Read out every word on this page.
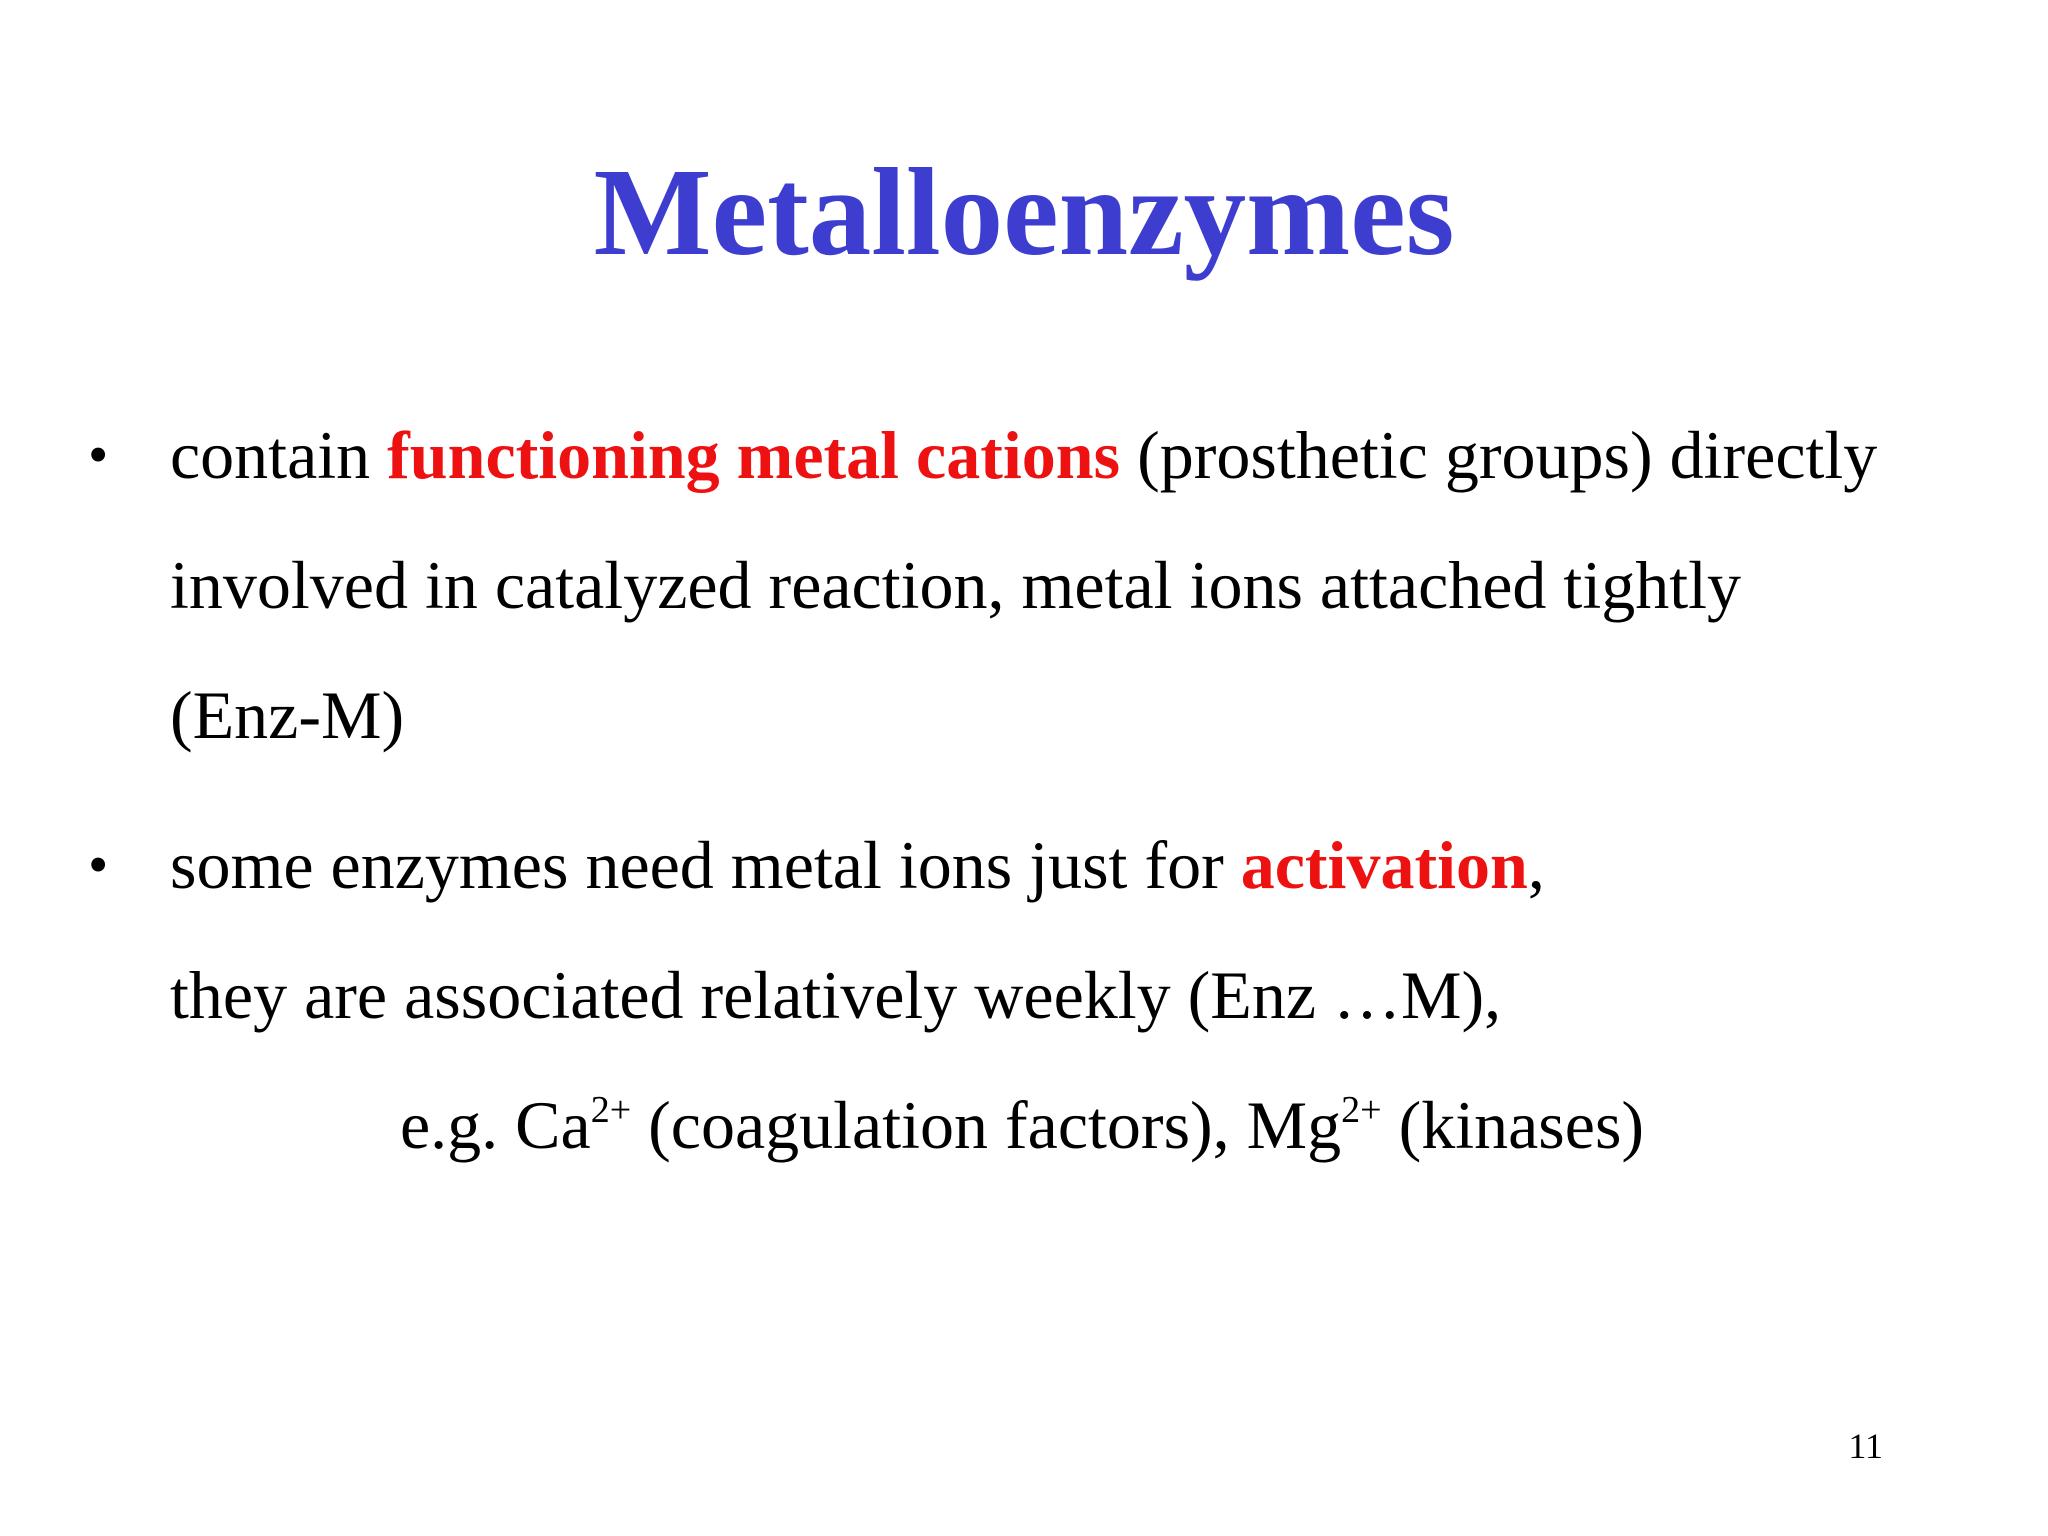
Metalloenzymes
• contain functioning metal cations (prosthetic groups) directly
involved in catalyzed reaction, metal ions attached tightly
(Enz-M)
• some enzymes need metal ions just for activation,
they are associated relatively weekly (Enz …M),
e.g. $Ca^{2+}$ (coagulation factors), $Mg^{2+}$ (kinases)
11
